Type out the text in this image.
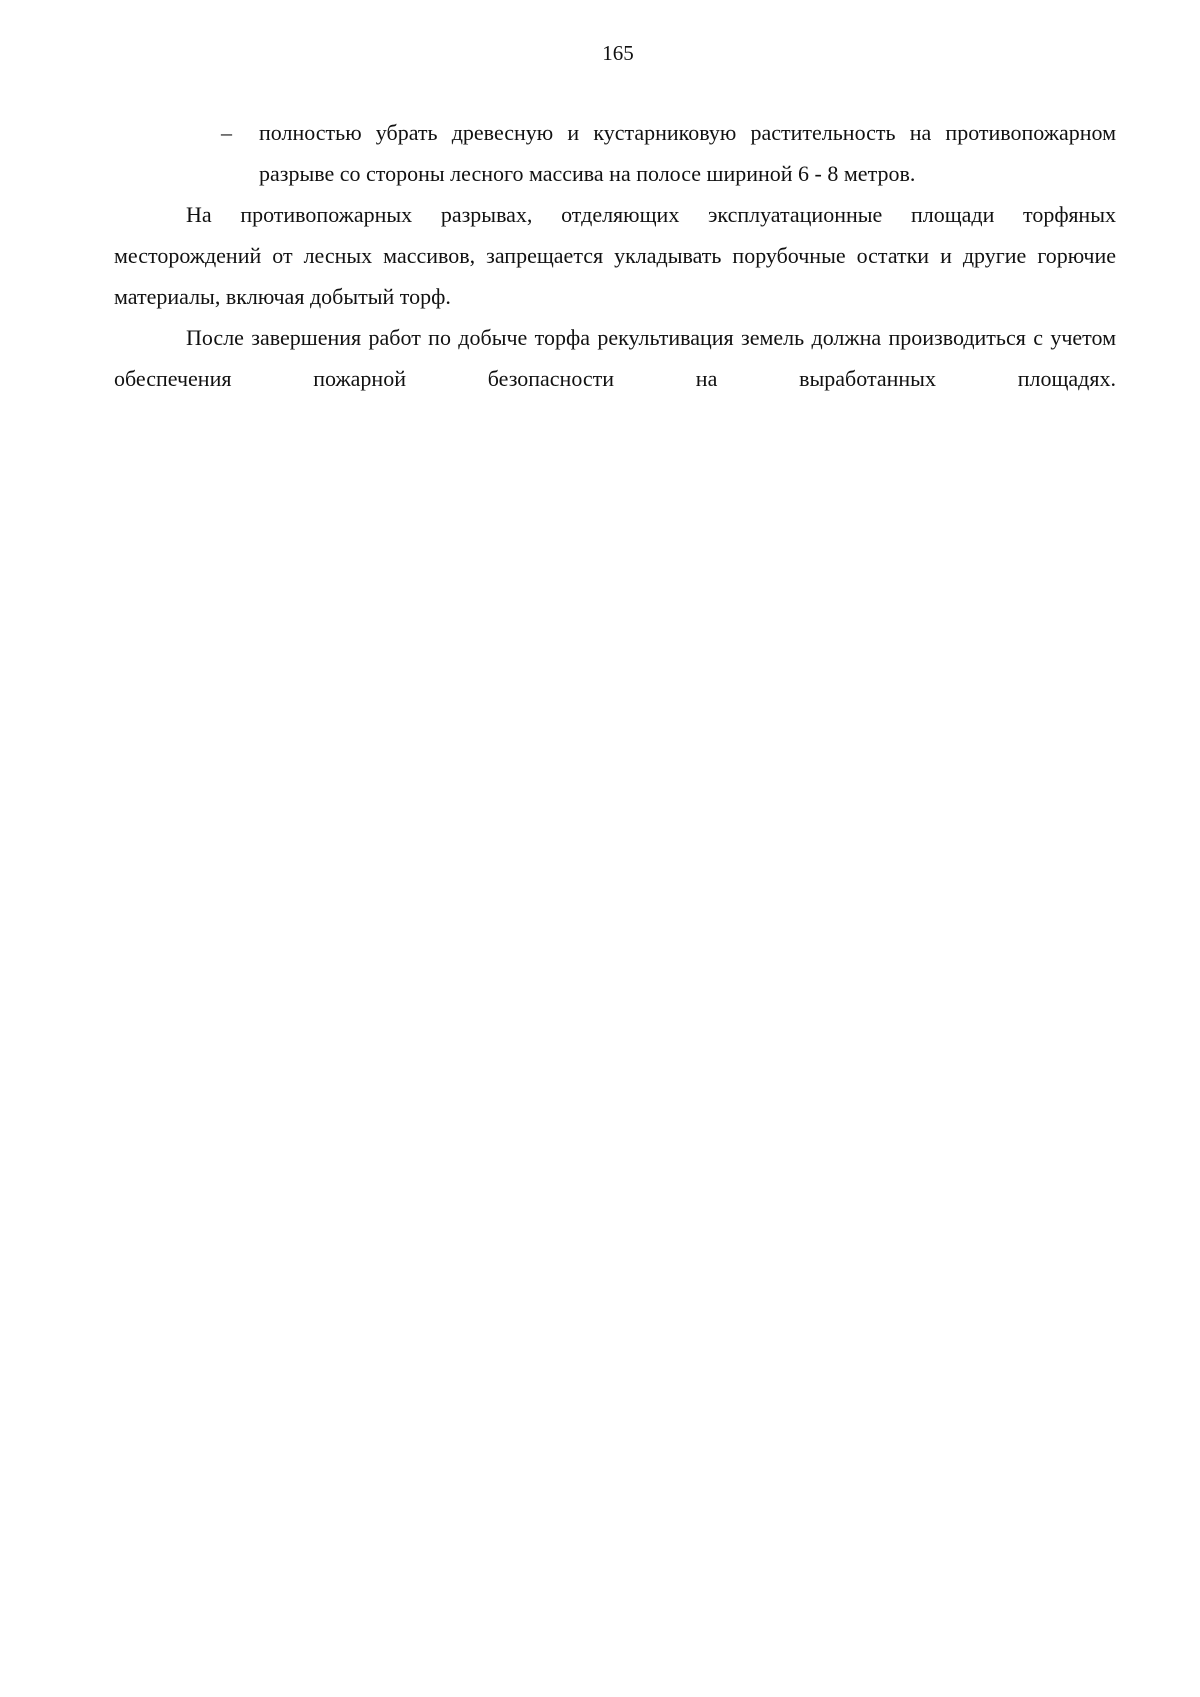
165

– полностью убрать древесную и кустарниковую растительность на противопожарном разрыве со стороны лесного массива на полосе шириной 6 - 8 метров.

На противопожарных разрывах, отделяющих эксплуатационные площади торфяных месторождений от лесных массивов, запрещается укладывать порубочные остатки и другие горючие материалы, включая добытый торф.

После завершения работ по добыче торфа рекультивация земель должна производиться с учетом обеспечения пожарной безопасности на выработанных площадях.
